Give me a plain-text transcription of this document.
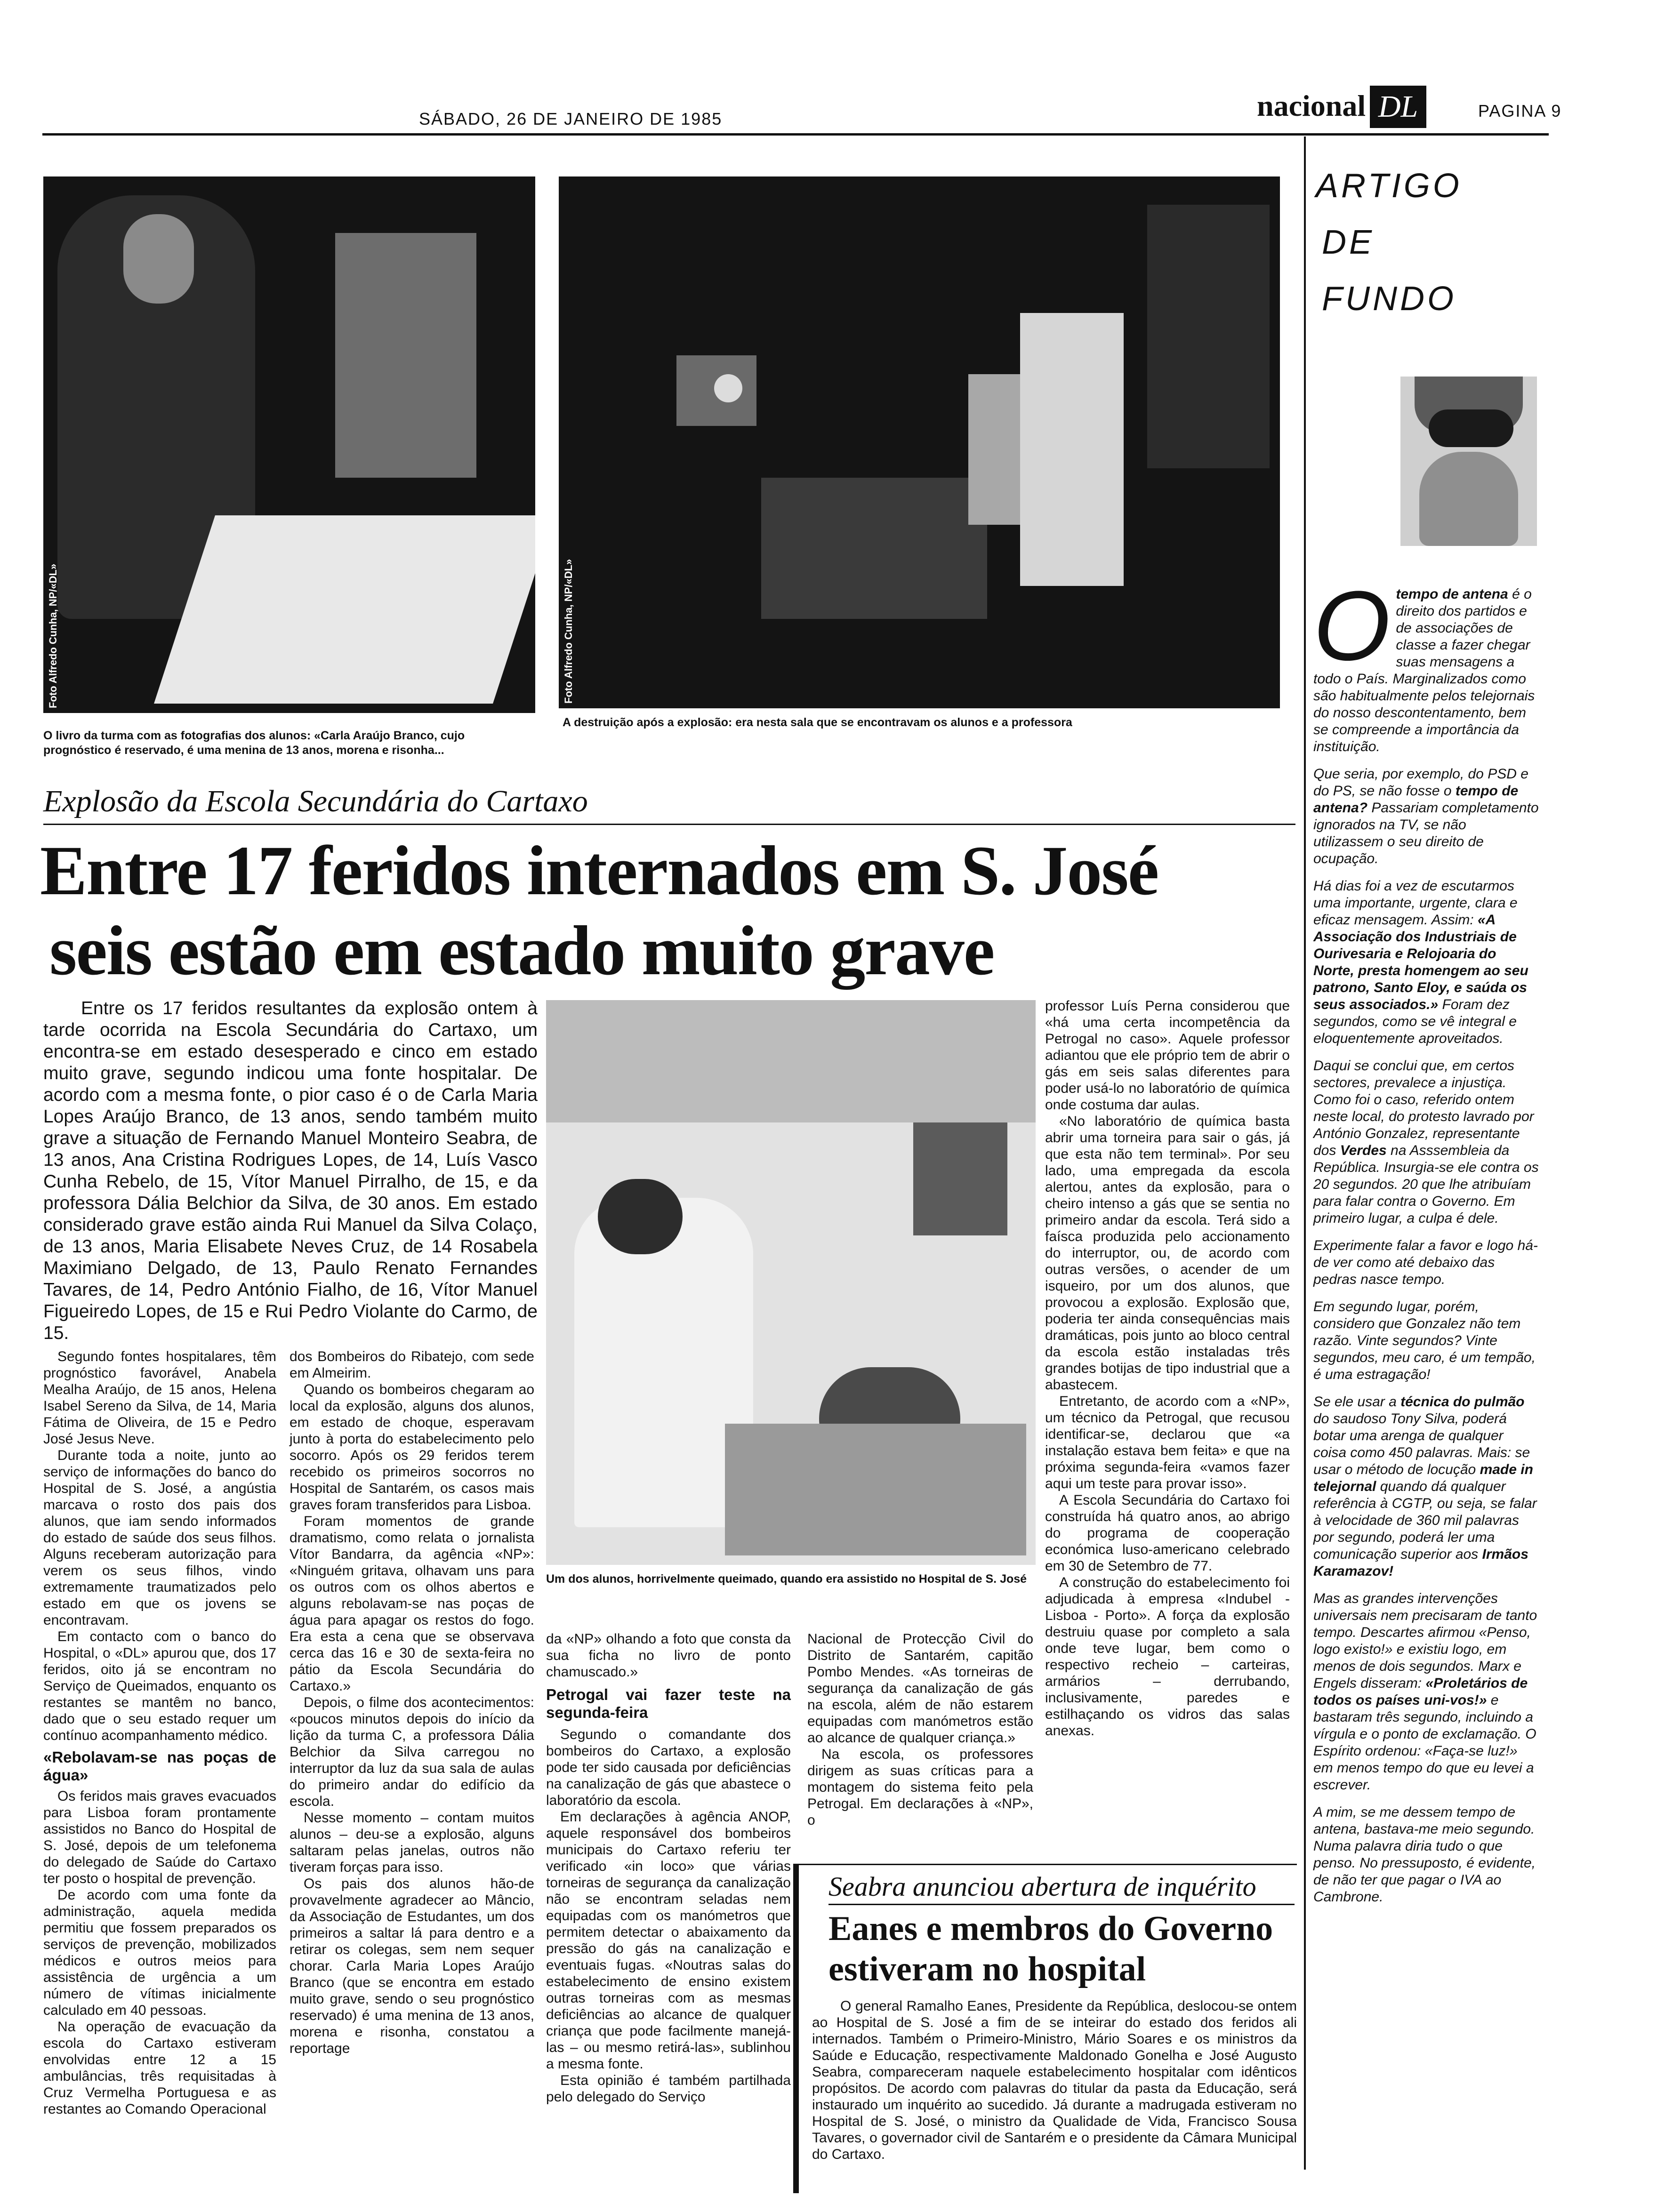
SÁBADO, 26 DE JANEIRO DE 1985	nacional DL	PAGINA 9
Foto Alfredo Cunha, NP/«DL»
O livro da turma com as fotografias dos alunos: «Carla Araújo Branco, cujo prognóstico é reservado, é uma menina de 13 anos, morena e risonha...
Foto Alfredo Cunha, NP/«DL»
A destruição após a explosão: era nesta sala que se encontravam os alunos e a professora
ARTIGO
DE
FUNDO
Otempo de antena é o direito dos partidos e de associações de classe a fazer chegar suas mensagens a todo o País. Marginalizados como são habitualmente pelos telejornais do nosso descontentamento, bem se compreende a importância da instituição.
Que seria, por exemplo, do PSD e do PS, se não fosse o tempo de antena? Passariam completamento ignorados na TV, se não utilizassem o seu direito de ocupação.
Há dias foi a vez de escutarmos uma importante, urgente, clara e eficaz mensagem. Assim: «A Associação dos Industriais de Ourivesaria e Relojoaria do Norte, presta homengem ao seu patrono, Santo Eloy, e saúda os seus associados.» Foram dez segundos, como se vê integral e eloquentemente aproveitados.
Daqui se conclui que, em certos sectores, prevalece a injustiça. Como foi o caso, referido ontem neste local, do protesto lavrado por António Gonzalez, representante dos Verdes na Asssembleia da República. Insurgia-se ele contra os 20 segundos. 20 que lhe atribuíam para falar contra o Governo. Em primeiro lugar, a culpa é dele.
Experimente falar a favor e logo há-de ver como até debaixo das pedras nasce tempo.
Em segundo lugar, porém, considero que Gonzalez não tem razão. Vinte segundos? Vinte segundos, meu caro, é um tempão, é uma estragação!
Se ele usar a técnica do pulmão do saudoso Tony Silva, poderá botar uma arenga de qualquer coisa como 450 palavras. Mais: se usar o método de locução made in telejornal quando dá qualquer referência à CGTP, ou seja, se falar à velocidade de 360 mil palavras por segundo, poderá ler uma comunicação superior aos Irmãos Karamazov!
Mas as grandes intervenções universais nem precisaram de tanto tempo. Descartes afirmou «Penso, logo existo!» e existiu logo, em menos de dois segundos. Marx e Engels disseram: «Proletários de todos os países uni-vos!» e bastaram três segundo, incluindo a vírgula e o ponto de exclamação. O Espírito ordenou: «Faça-se luz!» em menos tempo do que eu levei a escrever.
A mim, se me dessem tempo de antena, bastava-me meio segundo. Numa palavra diria tudo o que penso. No pressuposto, é evidente, de não ter que pagar o IVA ao Cambrone.
Explosão da Escola Secundária do Cartaxo
Entre 17 feridos internados em S. José
seis estão em estado muito grave
Entre os 17 feridos resultantes da explosão ontem à tarde ocorrida na Escola Secundária do Cartaxo, um encontra-se em estado desesperado e cinco em estado muito grave, segundo indicou uma fonte hospitalar. De acordo com a mesma fonte, o pior caso é o de Carla Maria Lopes Araújo Branco, de 13 anos, sendo também muito grave a situação de Fernando Manuel Monteiro Seabra, de 13 anos, Ana Cristina Rodrigues Lopes, de 14, Luís Vasco Cunha Rebelo, de 15, Vítor Manuel Pirralho, de 15, e da professora Dália Belchior da Silva, de 30 anos. Em estado considerado grave estão ainda Rui Manuel da Silva Colaço, de 13 anos, Maria Elisabete Neves Cruz, de 14 Rosabela Maximiano Delgado, de 13, Paulo Renato Fernandes Tavares, de 14, Pedro António Fialho, de 16, Vítor Manuel Figueiredo Lopes, de 15 e Rui Pedro Violante do Carmo, de 15.

Segundo fontes hospitalares, têm prognóstico favorável, Anabela Mealha Araújo, de 15 anos, Helena Isabel Sereno da Silva, de 14, Maria Fátima de Oliveira, de 15 e Pedro José Jesus Neve.

Durante toda a noite, junto ao serviço de informações do banco do Hospital de S. José, a angústia marcava o rosto dos pais dos alunos, que iam sendo informados do estado de saúde dos seus filhos. Alguns receberam autorização para verem os seus filhos, vindo extremamente traumatizados pelo estado em que os jovens se encontravam.

Em contacto com o banco do Hospital, o «DL» apurou que, dos 17 feridos, oito já se encontram no Serviço de Queimados, enquanto os restantes se mantêm no banco, dado que o seu estado requer um contínuo acompanhamento médico.

«Rebolavam-se nas poças de água»

Os feridos mais graves evacuados para Lisboa foram prontamente assistidos no Banco do Hospital de S. José, depois de um telefonema do delegado de Saúde do Cartaxo ter posto o hospital de prevenção.

De acordo com uma fonte da administração, aquela medida permitiu que fossem preparados os serviços de prevenção, mobilizados médicos e outros meios para assistência de urgência a um número de vítimas inicialmente calculado em 40 pessoas.

Na operação de evacuação da escola do Cartaxo estiveram envolvidas entre 12 a 15 ambulâncias, três requisitadas à Cruz Vermelha Portuguesa e as restantes ao Comando Operacional

dos Bombeiros do Ribatejo, com sede em Almeirim.

Quando os bombeiros chegaram ao local da explosão, alguns dos alunos, em estado de choque, esperavam junto à porta do estabelecimento pelo socorro. Após os 29 feridos terem recebido os primeiros socorros no Hospital de Santarém, os casos mais graves foram transferidos para Lisboa.

Foram momentos de grande dramatismo, como relata o jornalista Vítor Bandarra, da agência «NP»: «Ninguém gritava, olhavam uns para os outros com os olhos abertos e alguns rebolavam-se nas poças de água para apagar os restos do fogo. Era esta a cena que se observava cerca das 16 e 30 de sexta-feira no pátio da Escola Secundária do Cartaxo.»

Depois, o filme dos acontecimentos: «poucos minutos depois do início da lição da turma C, a professora Dália Belchior da Silva carregou no interruptor da luz da sua sala de aulas do primeiro andar do edifício da escola.

Nesse momento – contam muitos alunos – deu-se a explosão, alguns saltaram pelas janelas, outros não tiveram forças para isso.

Os pais dos alunos hão-de provavelmente agradecer ao Mâncio, da Associação de Estudantes, um dos primeiros a saltar lá para dentro e a retirar os colegas, sem nem sequer chorar. Carla Maria Lopes Araújo Branco (que se encontra em estado muito grave, sendo o seu prognóstico reservado) é uma menina de 13 anos, morena e risonha, constatou a reportage

Um dos alunos, horrivelmente queimado, quando era assistido no Hospital de S. José

da «NP» olhando a foto que consta da sua ficha no livro de ponto chamuscado.»

Petrogal vai fazer teste na segunda-feira

Segundo o comandante dos bombeiros do Cartaxo, a explosão pode ter sido causada por deficiências na canalização de gás que abastece o laboratório da escola.

Em declarações à agência ANOP, aquele responsável dos bombeiros municipais do Cartaxo referiu ter verificado «in loco» que várias torneiras de segurança da canalização não se encontram seladas nem equipadas com os manómetros que permitem detectar o abaixamento da pressão do gás na canalização e eventuais fugas. «Noutras salas do estabelecimento de ensino existem outras torneiras com as mesmas deficiências ao alcance de qualquer criança que pode facilmente manejá-las – ou mesmo retirá-las», sublinhou a mesma fonte.

Esta opinião é também partilhada pelo delegado do Serviço

Nacional de Protecção Civil do Distrito de Santarém, capitão Pombo Mendes. «As torneiras de segurança da canalização de gás na escola, além de não estarem equipadas com manómetros estão ao alcance de qualquer criança.»

Na escola, os professores dirigem as suas críticas para a montagem do sistema feito pela Petrogal. Em declarações à «NP», o

professor Luís Perna considerou que «há uma certa incompetência da Petrogal no caso». Aquele professor adiantou que ele próprio tem de abrir o gás em seis salas diferentes para poder usá-lo no laboratório de química onde costuma dar aulas.

«No laboratório de química basta abrir uma torneira para sair o gás, já que esta não tem terminal». Por seu lado, uma empregada da escola alertou, antes da explosão, para o cheiro intenso a gás que se sentia no primeiro andar da escola. Terá sido a faísca produzida pelo accionamento do interruptor, ou, de acordo com outras versões, o acender de um isqueiro, por um dos alunos, que provocou a explosão. Explosão que, poderia ter ainda consequências mais dramáticas, pois junto ao bloco central da escola estão instaladas três grandes botijas de tipo industrial que a abastecem.

Entretanto, de acordo com a «NP», um técnico da Petrogal, que recusou identificar-se, declarou que «a instalação estava bem feita» e que na próxima segunda-feira «vamos fazer aqui um teste para provar isso».

A Escola Secundária do Cartaxo foi construída há quatro anos, ao abrigo do programa de cooperação económica luso-americano celebrado em 30 de Setembro de 77.

A construção do estabelecimento foi adjudicada à empresa «Indubel - Lisboa - Porto». A força da explosão destruiu quase por completo a sala onde teve lugar, bem como o respectivo recheio – carteiras, armários – derrubando, inclusivamente, paredes e estilhaçando os vidros das salas anexas.

Seabra anunciou abertura de inquérito
Eanes e membros do Governo estiveram no hospital
O general Ramalho Eanes, Presidente da República, deslocou-se ontem ao Hospital de S. José a fim de se inteirar do estado dos feridos ali internados. Também o Primeiro-Ministro, Mário Soares e os ministros da Saúde e Educação, respectivamente Maldonado Gonelha e José Augusto Seabra, compareceram naquele estabelecimento hospitalar com idênticos propósitos. De acordo com palavras do titular da pasta da Educação, será instaurado um inquérito ao sucedido. Já durante a madrugada estiveram no Hospital de S. José, o ministro da Qualidade de Vida, Francisco Sousa Tavares, o governador civil de Santarém e o presidente da Câmara Municipal do Cartaxo.
